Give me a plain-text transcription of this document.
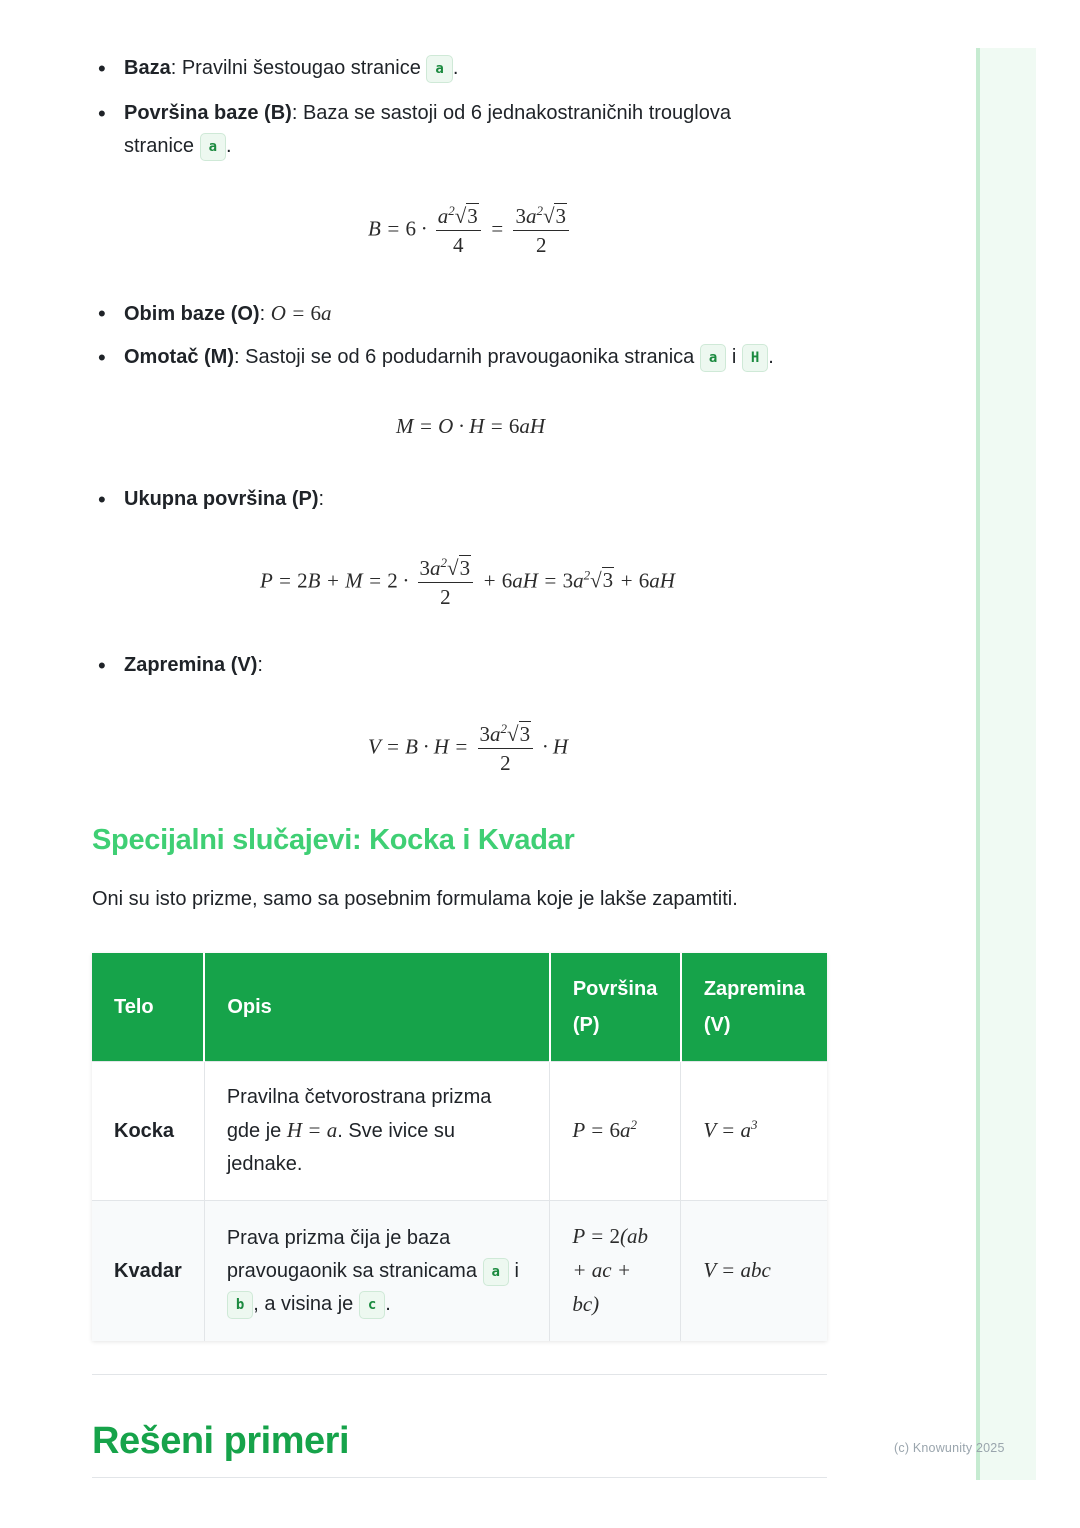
(c) Knowunity 2025
• Baza: Pravilni šestougao stranice a .
• Površina baze (B): Baza se sastoji od 6 jednakostraničnih trouglova stranice a .
$B = 6 \cdot \frac{a^2√3}{4} = \frac{3a^2√3}{2}$
• Obim baze (O): O = 6a
• Omotač (M): Sastoji se od 6 podudarnih pravougaonika stranica a i H .
M = O · H = 6aH
• Ukupna površina (P):
$P = 2B + M = 2 \cdot \frac{3a^2√3}{2} + 6aH = 3a^2√3 + 6aH$
• Zapremina (V):
$V = B \cdot H = \frac{3a^2√3}{2} \cdot H$
Specijalni slučajevi: Kocka i Kvadar

Oni su isto prizme, samo sa posebnim formulama koje je lakše zapamtiti.

Telo	Opis	Površina (P)	Zapremina (V)
Kocka	Pravilna četvorostrana prizma gde je H = a. Sve ivice su jednake.	$P = 6a^2$	$V = a^3$
Kvadar	Prava prizma čija je baza pravougaonik sa stranicama a i b , a visina je c .	P = 2(ab + ac + bc)	V = abc
Rešeni primeri
